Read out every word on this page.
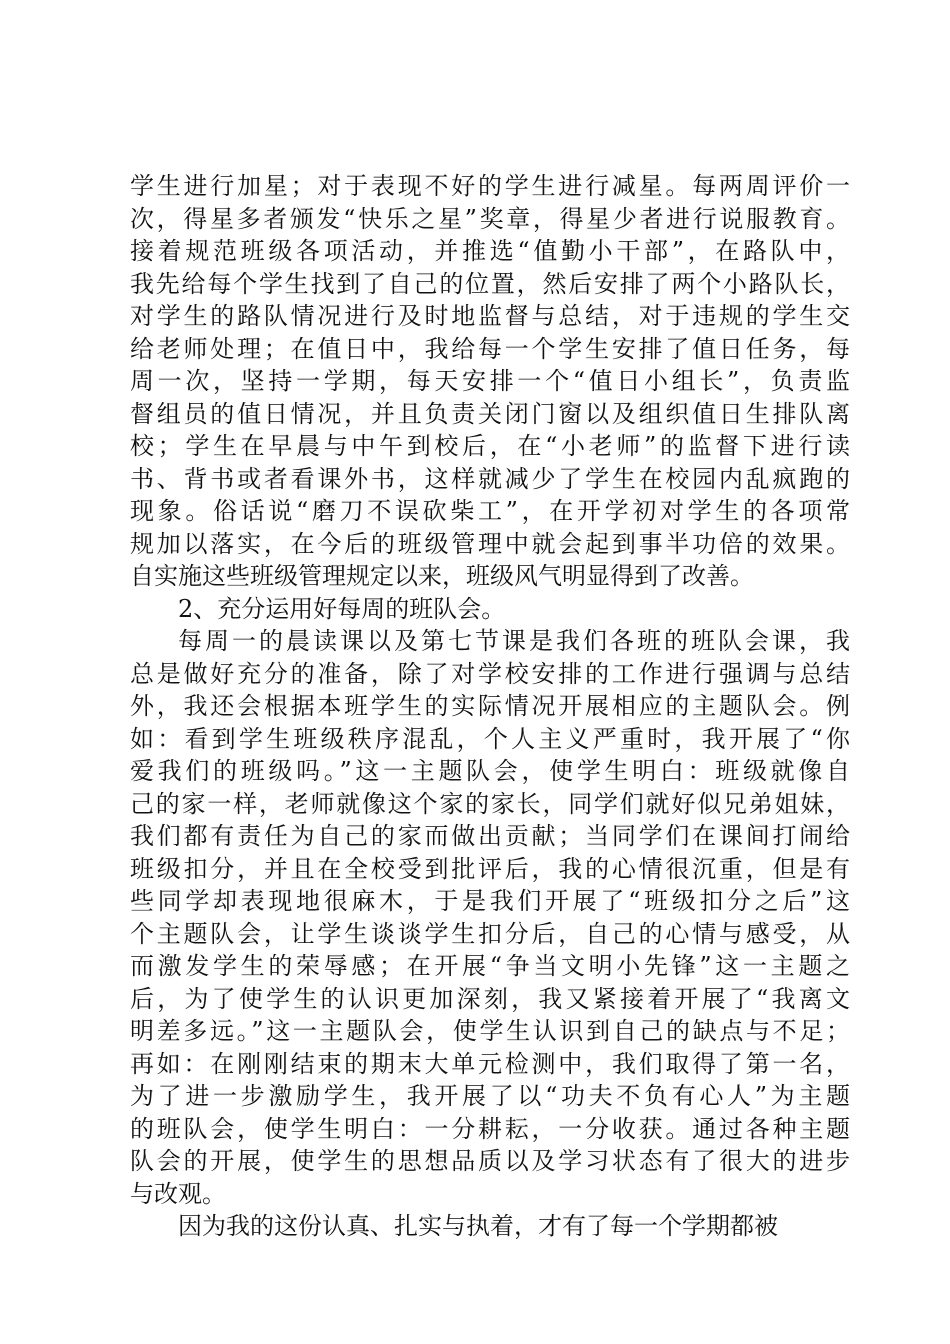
学生进行加星；对于表现不好的学生进行减星。每两周评价一
次，得星多者颁发“快乐之星”奖章，得星少者进行说服教育。
接着规范班级各项活动，并推选“值勤小干部”，在路队中，
我先给每个学生找到了自己的位置，然后安排了两个小路队长，
对学生的路队情况进行及时地监督与总结，对于违规的学生交
给老师处理；在值日中，我给每一个学生安排了值日任务，每
周一次，坚持一学期，每天安排一个“值日小组长”，负责监
督组员的值日情况，并且负责关闭门窗以及组织值日生排队离
校；学生在早晨与中午到校后，在“小老师”的监督下进行读
书、背书或者看课外书，这样就减少了学生在校园内乱疯跑的
现象。俗话说“磨刀不误砍柴工”，在开学初对学生的各项常
规加以落实，在今后的班级管理中就会起到事半功倍的效果。
自实施这些班级管理规定以来，班级风气明显得到了改善。
2、充分运用好每周的班队会。
每周一的晨读课以及第七节课是我们各班的班队会课，我
总是做好充分的准备，除了对学校安排的工作进行强调与总结
外，我还会根据本班学生的实际情况开展相应的主题队会。例
如：看到学生班级秩序混乱，个人主义严重时，我开展了“你
爱我们的班级吗。”这一主题队会，使学生明白：班级就像自
己的家一样，老师就像这个家的家长，同学们就好似兄弟姐妹，
我们都有责任为自己的家而做出贡献；当同学们在课间打闹给
班级扣分，并且在全校受到批评后，我的心情很沉重，但是有
些同学却表现地很麻木，于是我们开展了“班级扣分之后”这
个主题队会，让学生谈谈学生扣分后，自己的心情与感受，从
而激发学生的荣辱感；在开展“争当文明小先锋”这一主题之
后，为了使学生的认识更加深刻，我又紧接着开展了“我离文
明差多远。”这一主题队会，使学生认识到自己的缺点与不足；
再如：在刚刚结束的期末大单元检测中，我们取得了第一名，
为了进一步激励学生，我开展了以“功夫不负有心人”为主题
的班队会，使学生明白：一分耕耘，一分收获。通过各种主题
队会的开展，使学生的思想品质以及学习状态有了很大的进步
与改观。
因为我的这份认真、扎实与执着，才有了每一个学期都被
